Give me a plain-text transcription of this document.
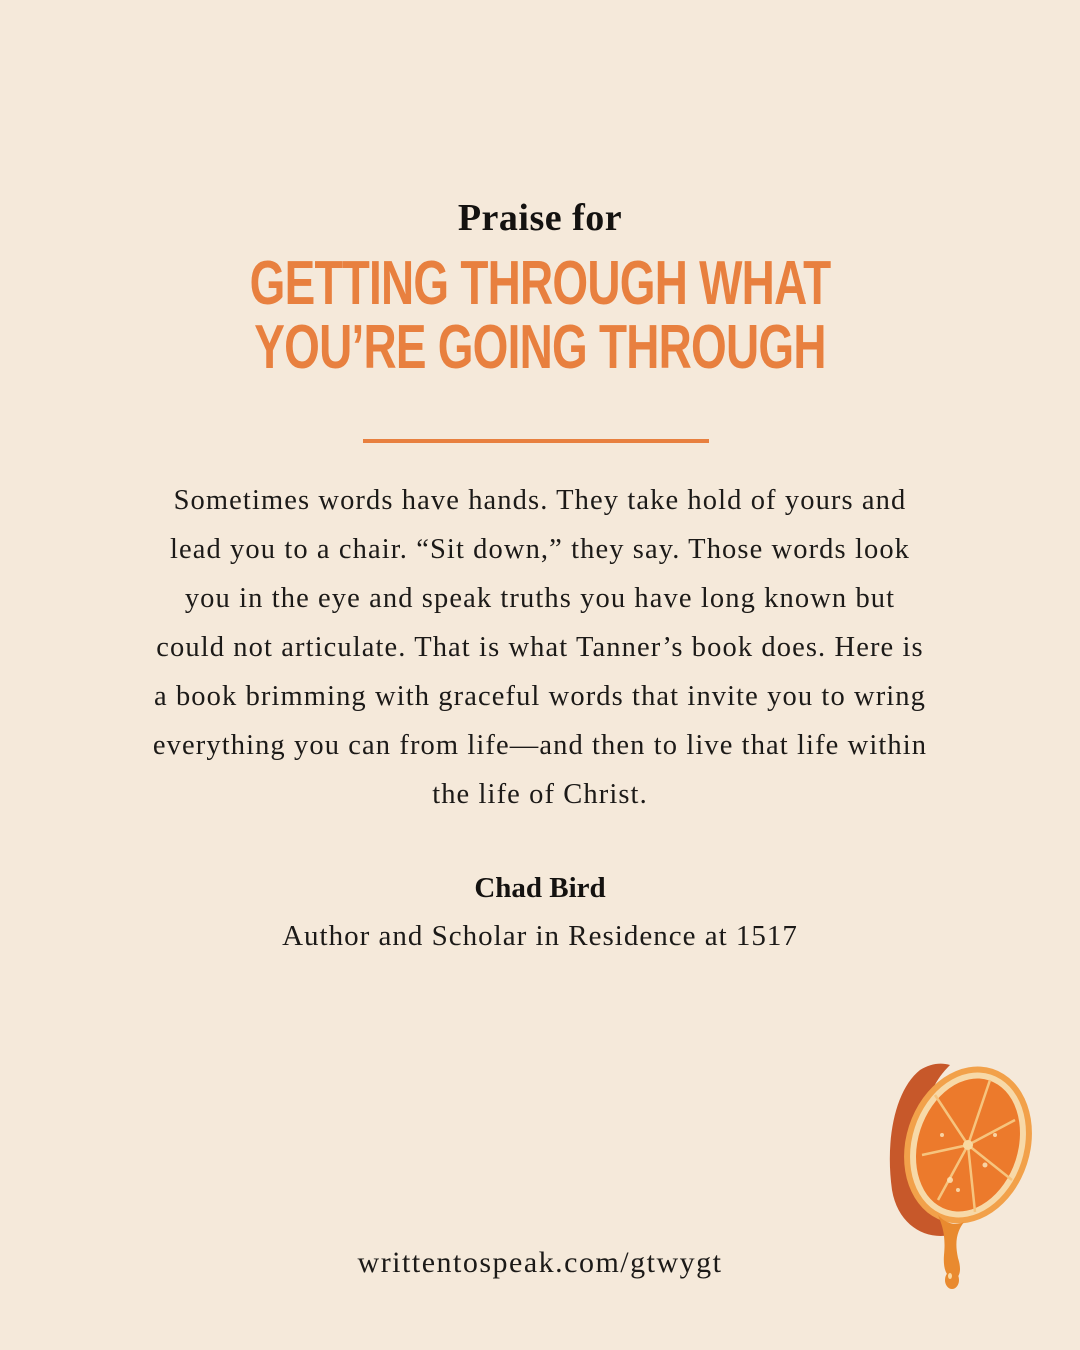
Praise for
GETTING THROUGH WHAT
YOU’RE GOING THROUGH
Sometimes words have hands. They take hold of yours and
lead you to a chair. “Sit down,” they say. Those words look
you in the eye and speak truths you have long known but
could not articulate. That is what Tanner’s book does. Here is
a book brimming with graceful words that invite you to wring
everything you can from life—and then to live that life within
the life of Christ.
Chad Bird
Author and Scholar in Residence at 1517
writtentospeak.com/gtwygt
